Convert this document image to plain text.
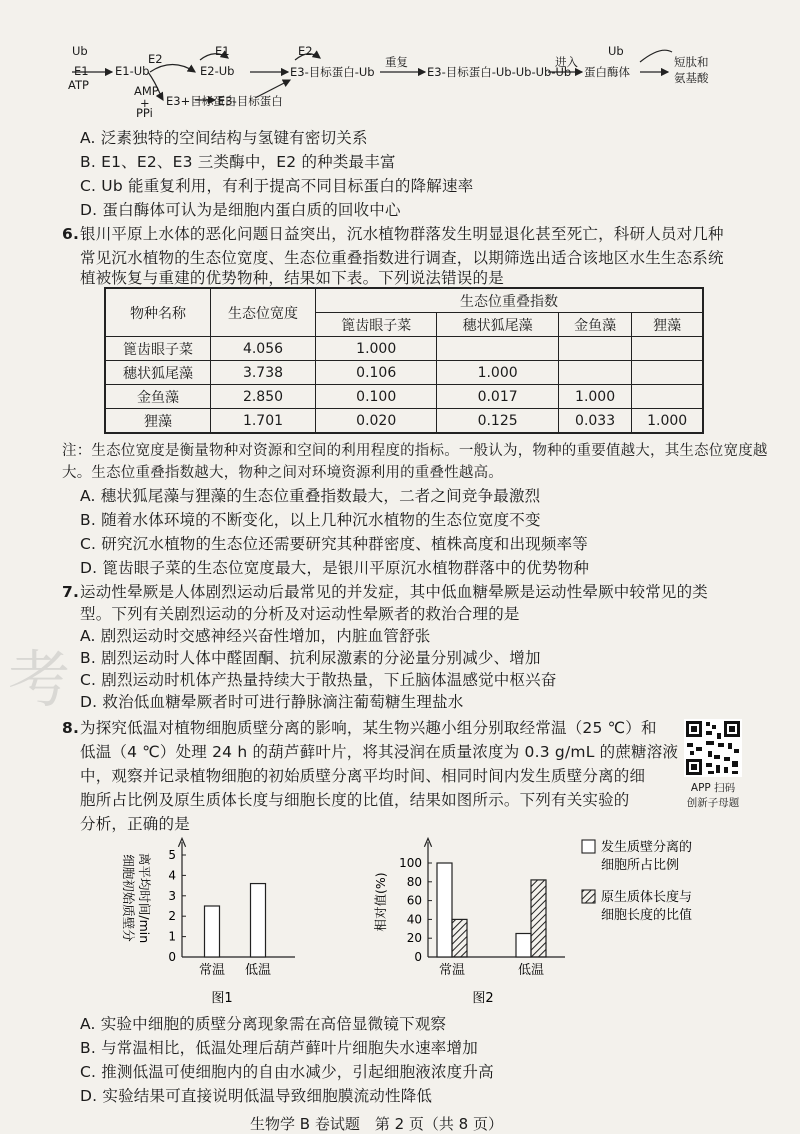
考
Ub
E1
ATP
E1-Ub
E2
AMP
+
PPi
E1	E2
E2-Ub	E3-目标蛋白-Ub
重复
E3-目标蛋白-Ub-Ub-Ub-Ub
进入
蛋白酶体
Ub
短肽和
氨基酸
E3+目标蛋白
E3-目标蛋白
A. 泛素独特的空间结构与氢键有密切关系
B. E1、E2、E3 三类酶中，E2 的种类最丰富
C. Ub 能重复利用，有利于提高不同目标蛋白的降解速率
D. 蛋白酶体可认为是细胞内蛋白质的回收中心
6. 银川平原上水体的恶化问题日益突出，沉水植物群落发生明显退化甚至死亡，科研人员对几种
常见沉水植物的生态位宽度、生态位重叠指数进行调查，以期筛选出适合该地区水生生态系统
植被恢复与重建的优势物种，结果如下表。下列说法错误的是
物种名称	生态位宽度	生态位重叠指数			
		篦齿眼子菜	穗状狐尾藻	金鱼藻	狸藻
篦齿眼子菜	4.056	1.000			
穗状狐尾藻	3.738	0.106	1.000		
金鱼藻	2.850	0.100	0.017	1.000	
狸藻	1.701	0.020	0.125	0.033	1.000
注：生态位宽度是衡量物种对资源和空间的利用程度的指标。一般认为，物种的重要值越大，其生态位宽度越
大。生态位重叠指数越大，物种之间对环境资源利用的重叠性越高。
A. 穗状狐尾藻与狸藻的生态位重叠指数最大，二者之间竞争最激烈
B. 随着水体环境的不断变化，以上几种沉水植物的生态位宽度不变
C. 研究沉水植物的生态位还需要研究其种群密度、植株高度和出现频率等
D. 篦齿眼子菜的生态位宽度最大，是银川平原沉水植物群落中的优势物种
7. 运动性晕厥是人体剧烈运动后最常见的并发症，其中低血糖晕厥是运动性晕厥中较常见的类
型。下列有关剧烈运动的分析及对运动性晕厥者的救治合理的是
A. 剧烈运动时交感神经兴奋性增加，内脏血管舒张
B. 剧烈运动时人体中醛固酮、抗利尿激素的分泌量分别减少、增加
C. 剧烈运动时机体产热量持续大于散热量，下丘脑体温感觉中枢兴奋
D. 救治低血糖晕厥者时可进行静脉滴注葡萄糖生理盐水
8. 为探究低温对植物细胞质壁分离的影响，某生物兴趣小组分别取经常温（25 ℃）和
低温（4 ℃）处理 24 h 的葫芦藓叶片，将其浸润在质量浓度为 0.3 g/mL 的蔗糖溶液
中，观察并记录植物细胞的初始质壁分离平均时间、相同时间内发生质壁分离的细
胞所占比例及原生质体长度与细胞长度的比值，结果如图所示。下列有关实验的
分析，正确的是
APP 扫码
创新子母题
0
1
2
3
4
5
常温 低温
细胞初始质壁分 离平均时间/min
图1
0
20
40
60
80
100
常温	低温
相对值(%)
图2
发生质壁分离的
细胞所占比例
原生质体长度与
细胞长度的比值
A. 实验中细胞的质壁分离现象需在高倍显微镜下观察
B. 与常温相比，低温处理后葫芦藓叶片细胞失水速率增加
C. 推测低温可使细胞内的自由水减少，引起细胞液浓度升高
D. 实验结果可直接说明低温导致细胞膜流动性降低
生物学 B 卷试题　第 2 页（共 8 页）
